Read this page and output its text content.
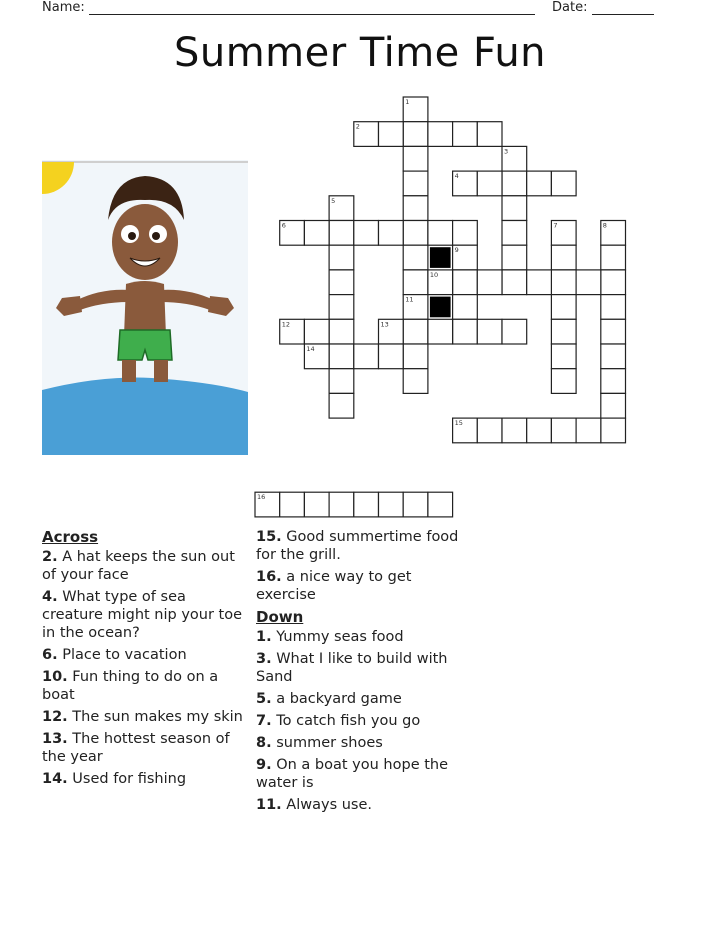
Name:	Date:
Summer Time Fun
1
2
3
4
5
6	7	8
9
10
11
12	13
14
15
16
Across
2. A hat keeps the sun out of your face
4. What type of sea creature might nip your toe in the ocean?
6. Place to vacation
10. Fun thing to do on a boat
12. The sun makes my skin
13. The hottest season of the year
14. Used for fishing
15. Good summertime food for the grill.
16. a nice way to get exercise
Down
1. Yummy seas food
3. What I like to build with Sand
5. a backyard game
7. To catch fish you go
8. summer shoes
9. On a boat you hope the water is
11. Always use.
